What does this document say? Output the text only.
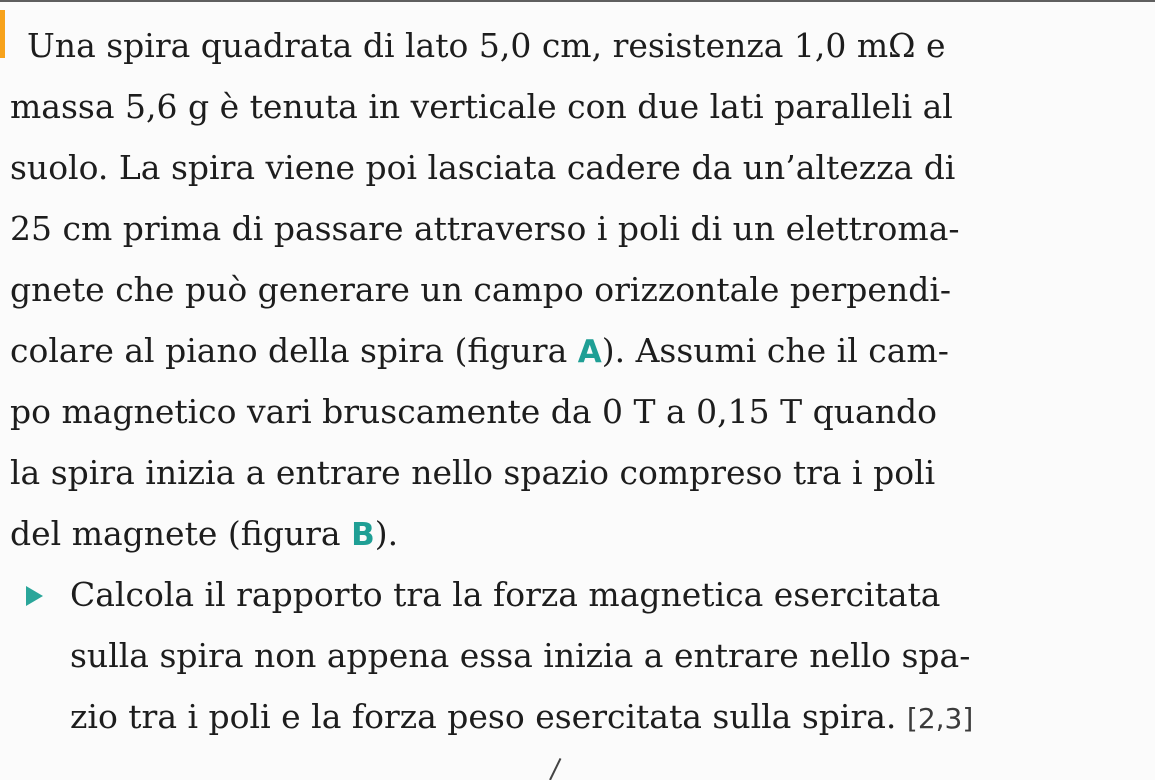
Una spira quadrata di lato 5,0 cm, resistenza 1,0 mΩ e
massa 5,6 g è tenuta in verticale con due lati paralleli al
suolo. La spira viene poi lasciata cadere da un’altezza di
25 cm prima di passare attraverso i poli di un elettroma-
gnete che può generare un campo orizzontale perpendi-
colare al piano della spira (figura A). Assumi che il cam-
po magnetico vari bruscamente da 0 T a 0,15 T quando
la spira inizia a entrare nello spazio compreso tra i poli
del magnete (figura B).
Calcola il rapporto tra la forza magnetica esercitata
sulla spira non appena essa inizia a entrare nello spa-
zio tra i poli e la forza peso esercitata sulla spira. [2,3]
